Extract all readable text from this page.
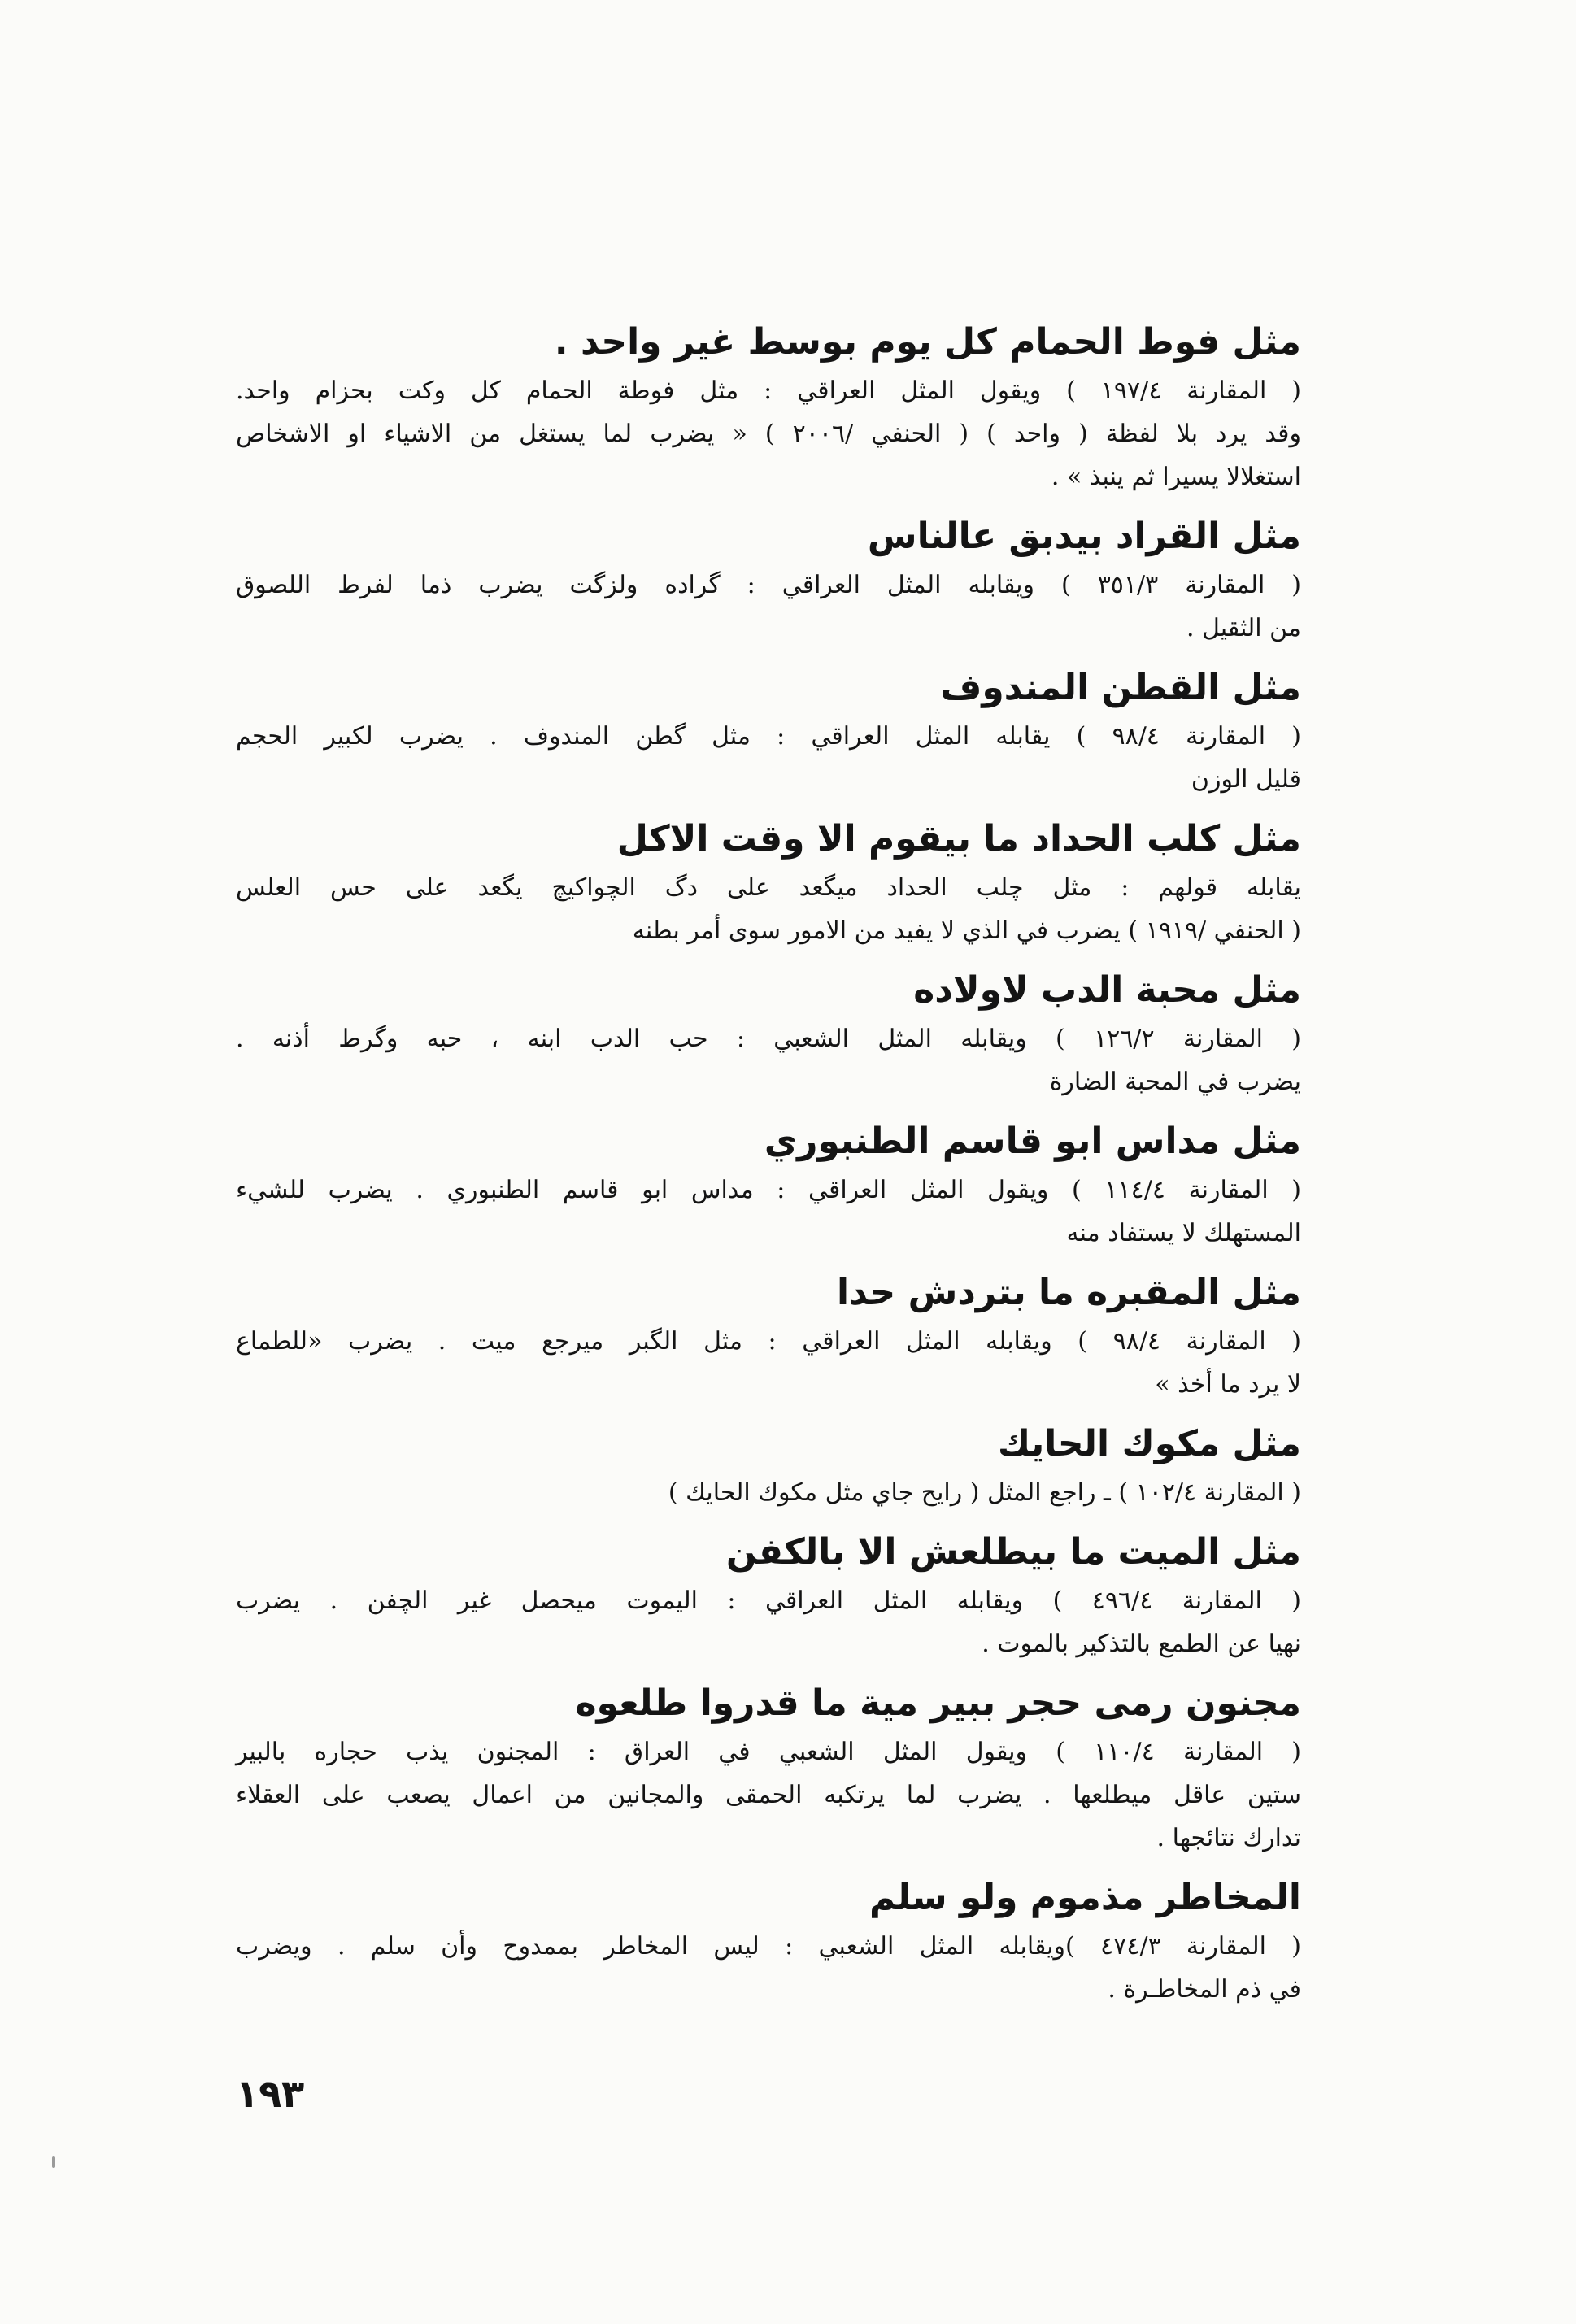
مثل فوط الحمام كل يوم بوسط غير واحد .

( المقارنة ١٩٧/٤ ) ويقول المثل العراقي : مثل فوطة الحمام كل وكت بحزام واحد.

وقد يرد بلا لفظة ( واحد ) ( الحنفي /٢٠٠٦ ) « يضرب لما يستغل من الاشياء او الاشخاص

استغلالا يسيرا ثم ينبذ » .

مثل القراد بيدبق عالناس

( المقارنة ٣٥١/٣ ) ويقابله المثل العراقي : گراده ولزگت يضرب ذما لفرط اللصوق

من الثقيل .

مثل القطن المندوف

( المقارنة ٩٨/٤ ) يقابله المثل العراقي : مثل گطن المندوف . يضرب لكبير الحجم

قليل الوزن

مثل كلب الحداد ما بيقوم الا وقت الاكل

يقابله قولهم : مثل چلب الحداد ميگعد على دگ الچواكيچ يگعد على حس العلس

( الحنفي /١٩١٩ ) يضرب في الذي لا يفيد من الامور سوى أمر بطنه

مثل محبة الدب لاولاده

( المقارنة ١٢٦/٢ ) ويقابله المثل الشعبي : حب الدب ابنه ، حبه وگرط أذنه .

يضرب في المحبة الضارة

مثل مداس ابو قاسم الطنبوري

( المقارنة ١١٤/٤ ) ويقول المثل العراقي : مداس ابو قاسم الطنبوري . يضرب للشيء

المستهلك لا يستفاد منه

مثل المقبره ما بتردش حدا

( المقارنة ٩٨/٤ ) ويقابله المثل العراقي : مثل الگبر ميرجع ميت . يضرب «للطماع

لا يرد ما أخذ »

مثل مكوك الحايك

( المقارنة ١٠٢/٤ ) ـ راجع المثل ( رايح جاي مثل مكوك الحايك )

مثل الميت ما بيطلعش الا بالكفن

( المقارنة ٤٩٦/٤ ) ويقابله المثل العراقي : اليموت ميحصل غير الچفن . يضرب

نهيا عن الطمع بالتذكير بالموت .

مجنون رمى حجر ببير مية ما قدروا طلعوه

( المقارنة ١١٠/٤ ) ويقول المثل الشعبي في العراق : المجنون يذب حجاره بالبير

ستين عاقل ميطلعها . يضرب لما يرتكبه الحمقى والمجانين من اعمال يصعب على العقلاء

تدارك نتائجها .

المخاطر مذموم ولو سلم

( المقارنة ٤٧٤/٣ )ويقابله المثل الشعبي : ليس المخاطر بممدوح وأن سلم . ويضرب

في ذم المخاطـرة .

١٩٣
